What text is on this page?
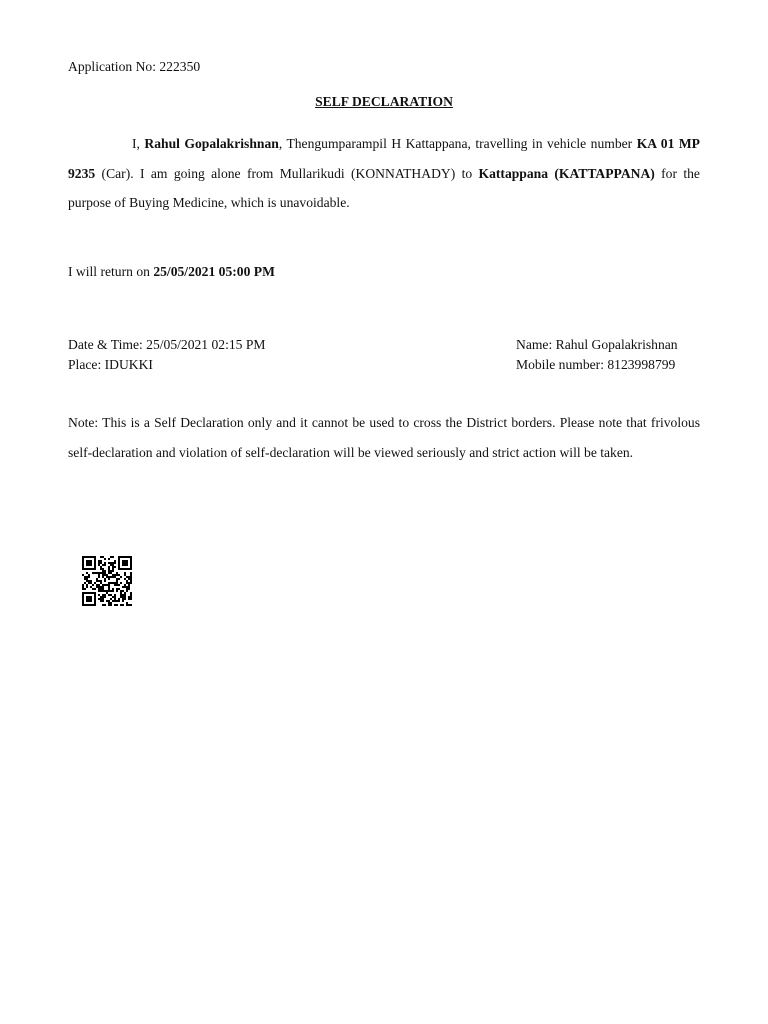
Application No: 222350
SELF DECLARATION
I, Rahul Gopalakrishnan, Thengumparampil H Kattappana, travelling in vehicle number KA 01 MP 9235 (Car). I am going alone from Mullarikudi (KONNATHADY) to Kattappana (KATTAPPANA) for the purpose of Buying Medicine, which is unavoidable.
I will return on 25/05/2021 05:00 PM
Date & Time: 25/05/2021 02:15 PM
Place: IDUKKI
Name: Rahul Gopalakrishnan
Mobile number: 8123998799
Note: This is a Self Declaration only and it cannot be used to cross the District borders. Please note that frivolous self-declaration and violation of self-declaration will be viewed seriously and strict action will be taken.
